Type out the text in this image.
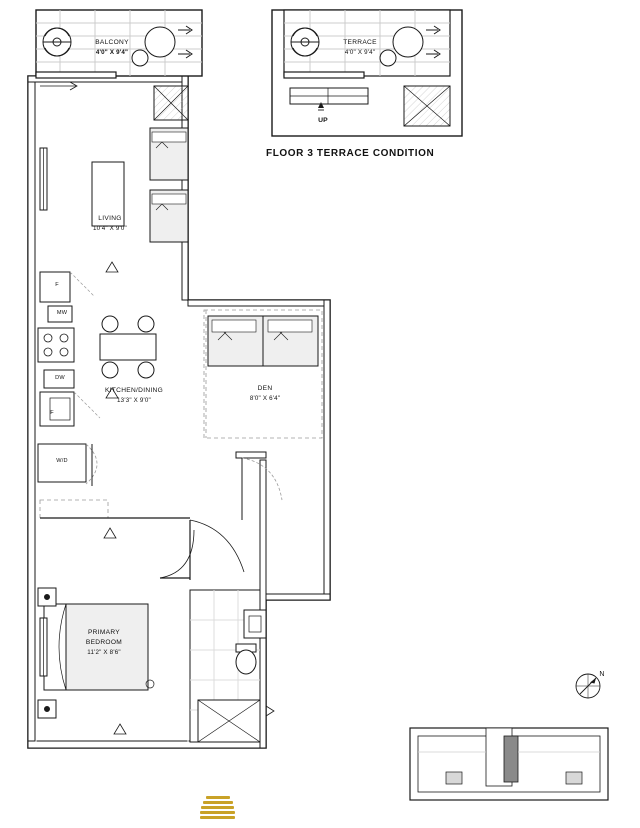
BALCONY
4'0" X 9'4"
TERRACE
4'0" X 9'4"
UP
FLOOR 3 TERRACE CONDITION
LIVING
10'4" X 9'0"
KITCHEN/DINING
13'3" X 9'0"
DEN
8'0" X 6'4"
PRIMARY
BEDROOM
11'2" X 8'6"
F
MW
DW
F
W/D
N
